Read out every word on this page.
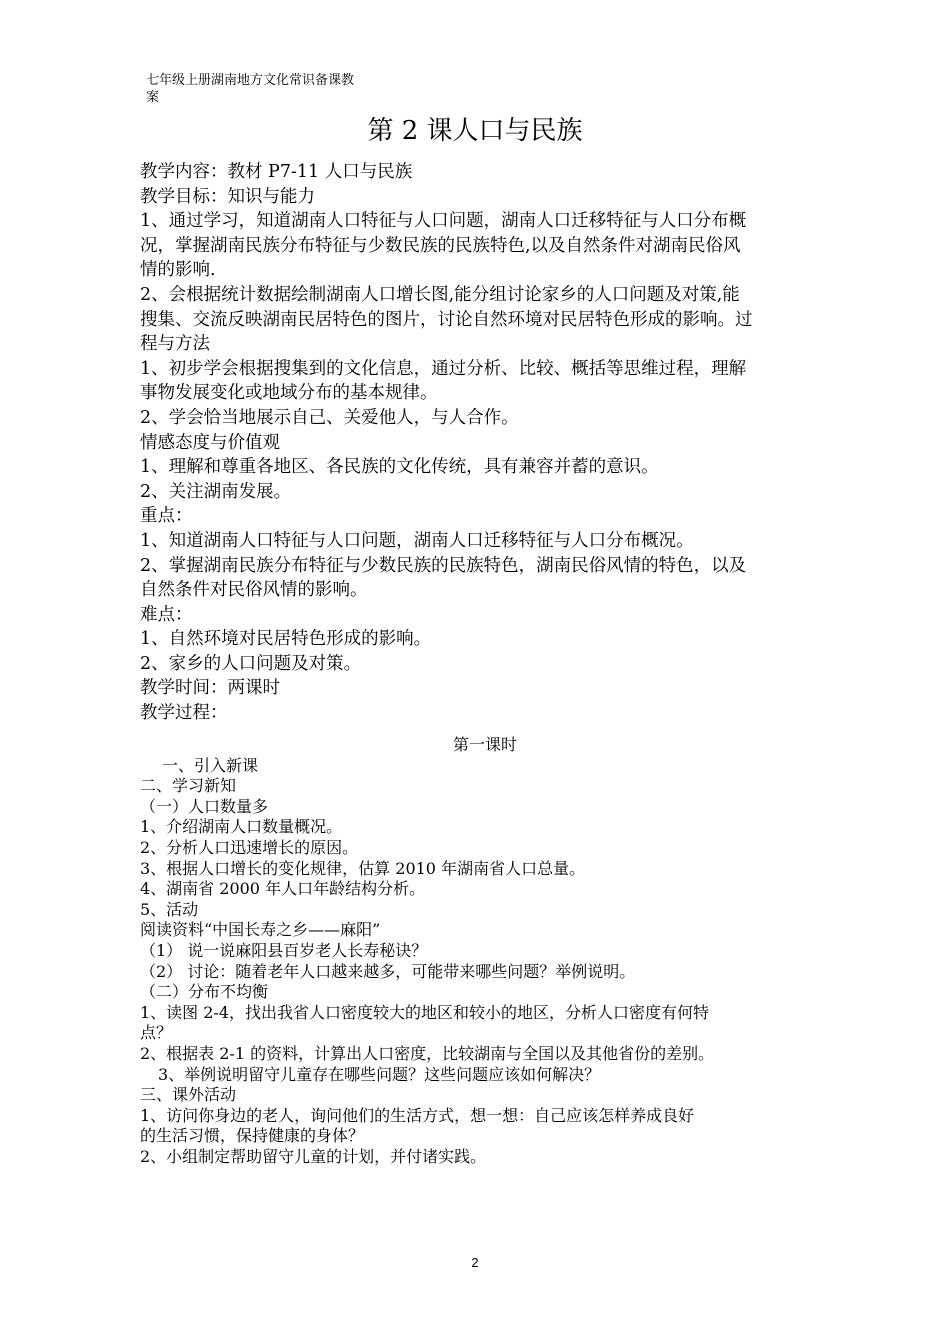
七年级上册湖南地方文化常识备课教
案
第 2 课人口与民族

教学内容：教材 P7-11 人口与民族

教学目标：知识与能力

1、通过学习，知道湖南人口特征与人口问题，湖南人口迁移特征与人口分布概

况，掌握湖南民族分布特征与少数民族的民族特色,以及自然条件对湖南民俗风

情的影响.

2、会根据统计数据绘制湖南人口增长图,能分组讨论家乡的人口问题及对策,能

搜集、交流反映湖南民居特色的图片，讨论自然环境对民居特色形成的影响。过

程与方法

1、初步学会根据搜集到的文化信息，通过分析、比较、概括等思维过程，理解

事物发展变化或地域分布的基本规律。

2、学会恰当地展示自己、关爱他人，与人合作。

情感态度与价值观

1、理解和尊重各地区、各民族的文化传统，具有兼容并蓄的意识。

2、关注湖南发展。

重点：

1、知道湖南人口特征与人口问题，湖南人口迁移特征与人口分布概况。

2、掌握湖南民族分布特征与少数民族的民族特色，湖南民俗风情的特色，以及

自然条件对民俗风情的影响。

难点：

1、自然环境对民居特色形成的影响。

2、家乡的人口问题及对策。

教学时间：两课时

教学过程：

第一课时

一、引入新课

二、学习新知

（一）人口数量多

1、介绍湖南人口数量概况。

2、分析人口迅速增长的原因。

3、根据人口增长的变化规律，估算 2010 年湖南省人口总量。

4、湖南省 2000 年人口年龄结构分析。

5、活动

阅读资料“中国长寿之乡——麻阳”

（1） 说一说麻阳县百岁老人长寿秘诀？

（2） 讨论：随着老年人口越来越多，可能带来哪些问题？举例说明。

（二）分布不均衡

1、读图 2-4，找出我省人口密度较大的地区和较小的地区，分析人口密度有何特

点？

2、根据表 2-1 的资料，计算出人口密度，比较湖南与全国以及其他省份的差别。

3、举例说明留守儿童存在哪些问题？这些问题应该如何解决？

三、课外活动

1、访问你身边的老人，询问他们的生活方式，想一想：自己应该怎样养成良好

的生活习惯，保持健康的身体？

2、小组制定帮助留守儿童的计划，并付诸实践。

2
